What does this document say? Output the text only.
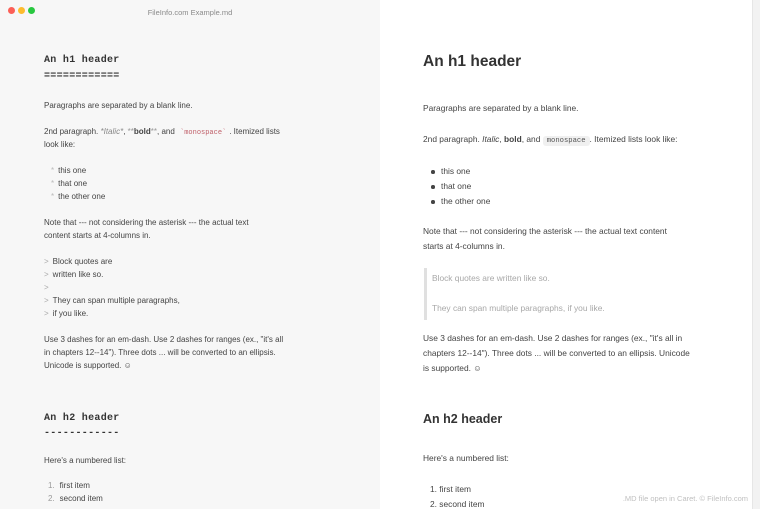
FileInfo.com Example.md
An h1 header
============
Paragraphs are separated by a blank line.
2nd paragraph. *Italic*, **bold**, and `monospace` . Itemized lists
look like:
* this one
* that one
* the other one
Note that --- not considering the asterisk --- the actual text
content starts at 4-columns in.
> Block quotes are
> written like so.
>
> They can span multiple paragraphs,
> if you like.
Use 3 dashes for an em-dash. Use 2 dashes for ranges (ex., "it's all
in chapters 12--14"). Three dots ... will be converted to an ellipsis.
Unicode is supported. ☺
An h2 header
------------
Here's a numbered list:
1. first item
2. second item
An h1 header
Paragraphs are separated by a blank line.
2nd paragraph. Italic, bold, and monospace . Itemized lists look like:
this one
that one
the other one
Note that --- not considering the asterisk --- the actual text content
starts at 4-columns in.
Block quotes are written like so.
They can span multiple paragraphs, if you like.
Use 3 dashes for an em-dash. Use 2 dashes for ranges (ex., "it's all in
chapters 12--14"). Three dots ... will be converted to an ellipsis. Unicode
is supported. ☺
An h2 header
Here's a numbered list:
1. first item
2. second item
.MD file open in Caret. © FileInfo.com
